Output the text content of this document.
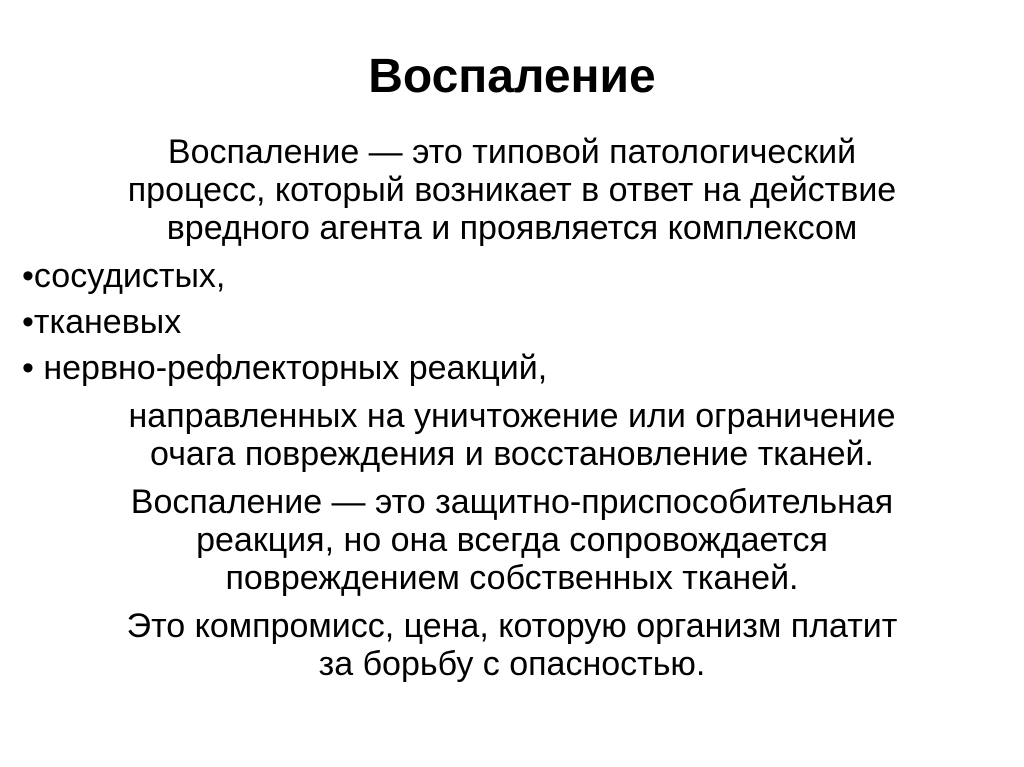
Воспаление

Воспаление — это типовой патологический
процесс, который возникает в ответ на действие
вредного агента и проявляется комплексом

•сосудистых,

•тканевых

• нервно-рефлекторных реакций,

направленных на уничтожение или ограничение
очага повреждения и восстановление тканей.

Воспаление — это защитно-приспособительная
реакция, но она всегда сопровождается
повреждением собственных тканей.

Это компромисс, цена, которую организм платит
за борьбу с опасностью.
